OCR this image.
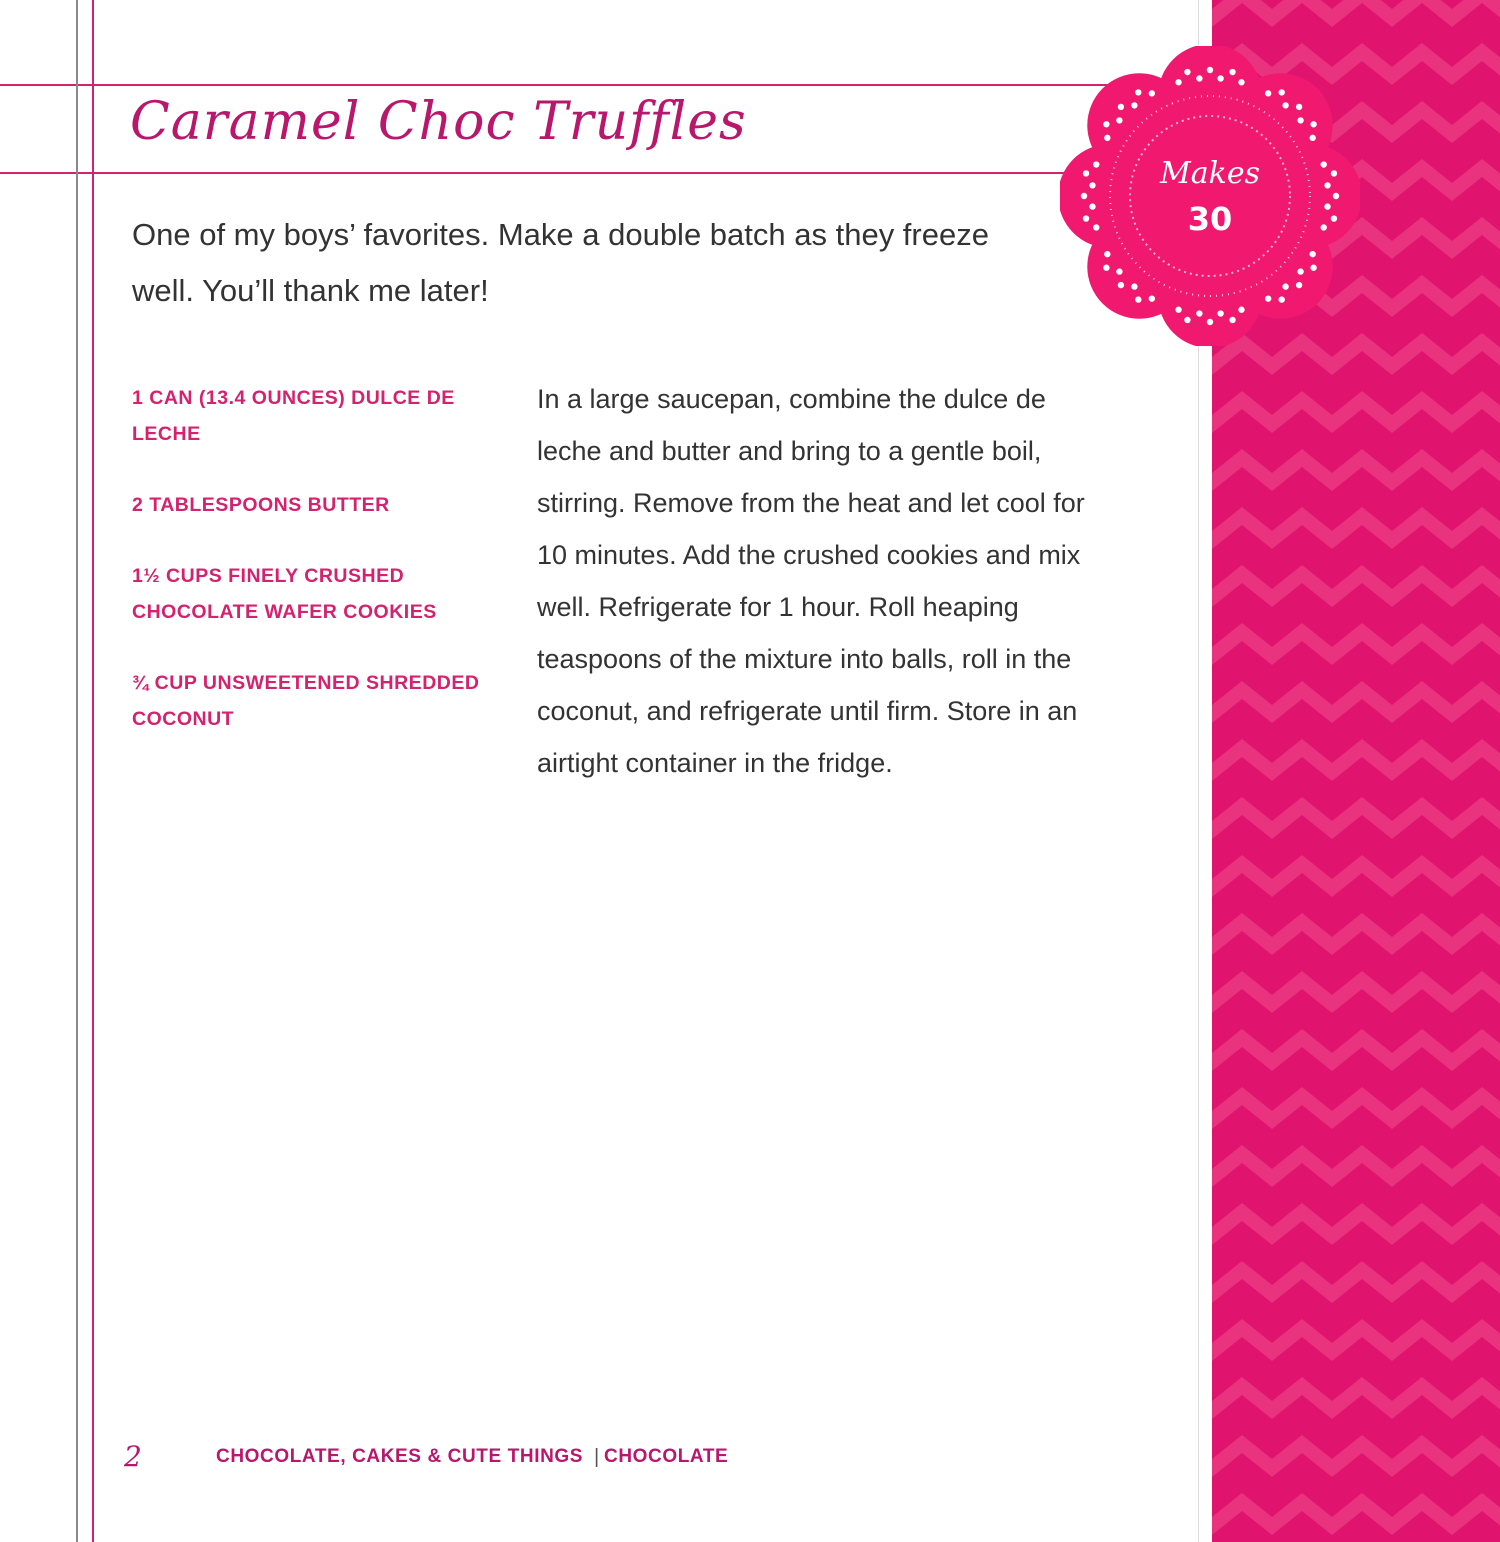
Makes
30
Caramel Choc Truffles
One of my boys’ favorites. Make a double batch as they freeze well. You’ll thank me later!
1 CAN (13.4 OUNCES) DULCE DE LECHE
2 TABLESPOONS BUTTER
1½ CUPS FINELY CRUSHED CHOCOLATE WAFER COOKIES
¾ CUP UNSWEETENED SHREDDED COCONUT
In a large saucepan, combine the dulce de leche and butter and bring to a gentle boil, stirring. Remove from the heat and let cool for 10 minutes. Add the crushed cookies and mix well. Refrigerate for 1 hour. Roll heaping teaspoons of the mixture into balls, roll in the coconut, and refrigerate until firm. Store in an airtight container in the fridge.
2	CHOCOLATE, CAKES & CUTE THINGS | CHOCOLATE
